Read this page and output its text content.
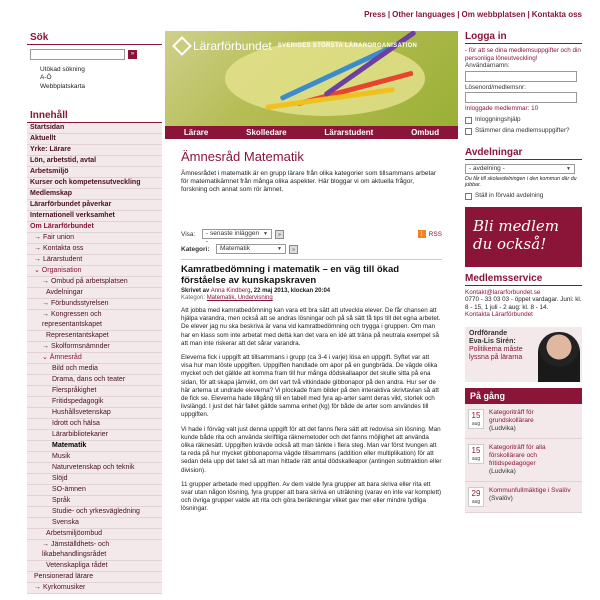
Press | Other languages | Om webbplatsen | Kontakta oss
Sök
»
Utökad sökning
A-Ö
Webbplatskarta
Innehåll
Startsidan
Aktuellt
Yrke: Lärare
Lön, arbetstid, avtal
Arbetsmiljö
Kurser och kompetensutveckling
Medlemskap
Lärarförbundet påverkar
Internationell verksamhet
Om Lärarförbundet
→ Fair union
→ Kontakta oss
→ Lärarstudent
⌄ Organisation
→ Ombud på arbetsplatsen
Avdelningar
→ Förbundsstyrelsen
→ Kongressen och representantskapet
Representantskapet
→ Skolformsnämnder
⌄ Ämnesråd
Bild och media
Drama, dans och teater
Flerspråkighet
Fritidspedagogik
Hushållsvetenskap
Idrott och hälsa
Lärarbibliotekarier
Matematik
Musik
Naturvetenskap och teknik
Slöjd
SO-ämnen
Språk
Studie- och yrkesvägledning
Svenska
Arbetsmiljöombud
→ Jämställdhets- och likabehandlingsrådet
Vetenskapliga rådet
Pensionerad lärare
→ Kyrkomusiker
Lärarförbundet SVERIGES STÖRSTA LÄRARORGANISATION
Lärare	Skolledare	Lärarstudent	Ombud
Ämnesråd Matematik
Ämnesrådet i matematik är en grupp lärare från olika kategorier som tillsammans arbetar för matematikämnet från många olika aspekter. Här bloggar vi om aktuella frågor, forskning och annat som rör ämnet.
Visa:	- senaste inläggen -
▼	»	) RSS
Kategori:	Matematik	▼	»
Kamratbedömning i matematik – en väg till ökad förståelse av kunskapskraven
Skrivet av Anna Kindberg, 22 maj 2013, klockan 20:04
Kategori: Matematik, Undervisning

Att jobba med kamratbedömning kan vara ett bra sätt att utveckla elever. De får chansen att hjälpa varandra, men också att se andras lösningar och på så sätt få tips till det egna arbetet. De elever jag nu ska beskriva är vana vid kamratbedömning och trygga i gruppen. Om man har en klass som inte arbetat med detta kan det vara en idé att träna på neutrala exempel så att man inte riskerar att det sårar varandra.

Eleverna fick i uppgift att tillsammans i grupp (ca 3-4 i varje) lösa en uppgift. Syftet var att visa hur man löste uppgiften. Uppgiften handlade om apor på en gungbräda. De vägde olika mycket och det gällde att komma fram till hur många dödskallaapor det skulle sitta på ena sidan, för att skapa jämvikt, om det vart två vitkindade gibbonapor på den andra. Hur ser de här arterna ut undrade eleverna? Vi plockade fram bilder på den interaktiva skrivtavlan så att de fick se. Eleverna hade tillgång till en tabell med fyra ap-arter samt deras vikt, storlek och livslängd. I just det här fallet gällde samma enhet (kg) för både de arter som användes till uppgiften.

Vi hade i förväg valt just denna uppgift för att det fanns flera sätt att redovisa sin lösning. Man kunde både rita och använda skriftliga räknemetoder och det fanns möjlighet att använda olika räknesätt. Uppgiften krävde också att man tänkte i flera steg. Man var först tvungen att ta reda på hur mycket gibbonaporna vägde tillsammans (addition eller multiplikation) för att sedan dela upp det talet så att man hittade rätt antal dödskalleapor (antingen subtraktion eller division).

11 grupper arbetade med uppgiften. Av dem valde fyra grupper att bara skriva eller rita ett svar utan någon lösning, fyra grupper att bara skriva en uträkning (varav en inte var komplett) och övriga grupper valde att rita och göra beräkningar vilket gav mer eller mindre tydliga lösningar.

Logga in
- för att se dina medlemsuppgifter och din personliga löneutveckling!
Användarnamn:
Lösenord/medlemsnr:
Inloggade medlemmar: 10
Inloggningshjälp
Stämmer dina medlemsuppgifter?
Avdelningar
- avdelning -	▼
Du får till skolavdelningen i den kommun där du jobbar.
Ställ in förvald avdelning
Bli medlem
du också!
Medlemsservice
Kontakt@lararforbundet.se
0770 - 33 03 03 - öppet vardagar. Juni: kl. 8 - 15, 1 juli - 2 aug: kl. 8 - 14.
Kontakta Lärarförbundet
Ordförande
Eva-Lis Sirén:
Politikerna måste lyssna på lärarna
På gång
15
aug
Kategoriträff för grundskollärare
(Ludvika)
15
aug
Kategoriträff för alla förskollärare och fritidspedagoger
(Ludvika)
29
aug
Kommunfullmäktige i Svalöv
(Svalöv)
